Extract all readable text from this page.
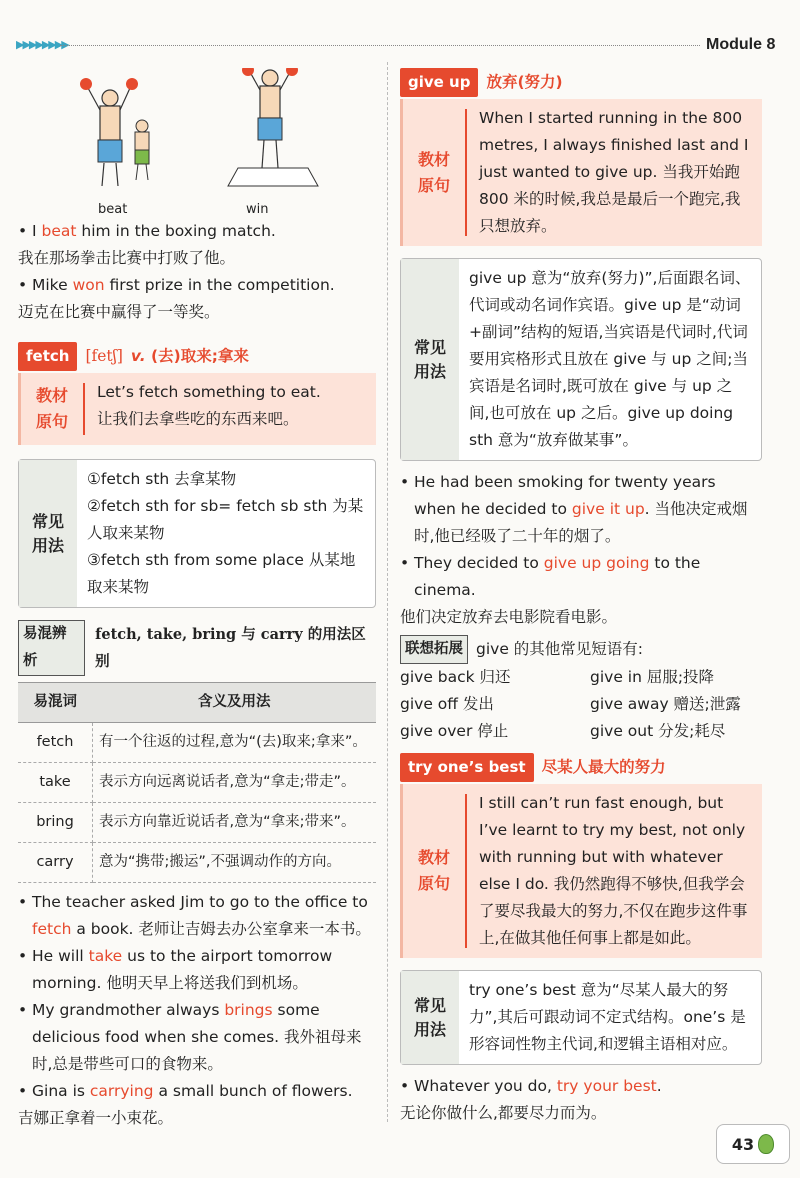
▶▶▶▶▶▶▶▶	Module 8
beat	win

• I beat him in the boxing match.

我在那场拳击比赛中打败了他。

• Mike won first prize in the competition.

迈克在比赛中赢得了一等奖。

fetch	[fetʃ] v. (去)取来;拿来
教材
原句
Let’s fetch something to eat.
让我们去拿些吃的东西来吧。
常见
用法
①fetch sth 去拿某物
②fetch sth for sb= fetch sb sth 为某人取来某物
③fetch sth from some place 从某地取来某物
易混辨析
fetch, take, bring 与 carry 的用法区别
易混词	含义及用法
fetch	有一个往返的过程,意为“(去)取来;拿来”。
take	表示方向远离说话者,意为“拿走;带走”。
bring	表示方向靠近说话者,意为“拿来;带来”。
carry	意为“携带;搬运”,不强调动作的方向。

• The teacher asked Jim to go to the office to fetch a book. 老师让吉姆去办公室拿来一本书。

• He will take us to the airport tomorrow morning. 他明天早上将送我们到机场。

• My grandmother always brings some delicious food when she comes. 我外祖母来时,总是带些可口的食物来。

• Gina is carrying a small bunch of flowers.

吉娜正拿着一小束花。

give up	放弃(努力)
教材
原句
When I started running in the 800 metres, I always finished last and I just wanted to give up. 当我开始跑 800 米的时候,我总是最后一个跑完,我只想放弃。
常见
用法
give up 意为“放弃(努力)”,后面跟名词、代词或动名词作宾语。give up 是“动词+副词”结构的短语,当宾语是代词时,代词要用宾格形式且放在 give 与 up 之间;当宾语是名词时,既可放在 give 与 up 之间,也可放在 up 之后。give up doing sth 意为“放弃做某事”。

• He had been smoking for twenty years when he decided to give it up. 当他决定戒烟时,他已经吸了二十年的烟了。

• They decided to give up going to the cinema.

他们决定放弃去电影院看电影。

联想拓展 give 的其他常见短语有:
give back 归还	give in 屈服;投降
give off 发出	give away 赠送;泄露
give over 停止	give out 分发;耗尽
try one’s best	尽某人最大的努力
教材
原句
I still can’t run fast enough, but I’ve learnt to try my best, not only with running but with whatever else I do. 我仍然跑得不够快,但我学会了要尽我最大的努力,不仅在跑步这件事上,在做其他任何事上都是如此。
常见
用法
try one’s best 意为“尽某人最大的努力”,其后可跟动词不定式结构。one’s 是形容词性物主代词,和逻辑主语相对应。

• Whatever you do, try your best.

无论你做什么,都要尽力而为。

43
